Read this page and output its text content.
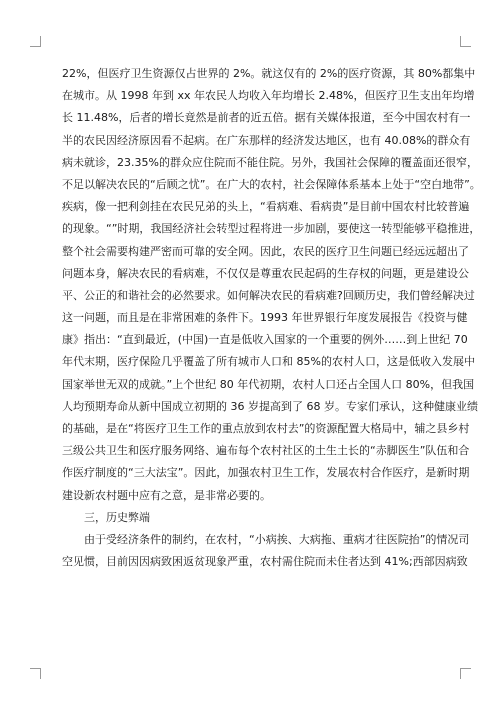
22%，但医疗卫生资源仅占世界的 2%。就这仅有的 2%的医疗资源，其 80%都集中
在城市。从 1998 年到 xx 年农民人均收入年均增长 2.48%，但医疗卫生支出年均增
长 11.48%，后者的增长竟然是前者的近五倍。据有关媒体报道，至今中国农村有一
半的农民因经济原因看不起病。在广东那样的经济发达地区，也有 40.08%的群众有
病未就诊，23.35%的群众应住院而不能住院。另外，我国社会保障的覆盖面还很窄，
不足以解决农民的“后顾之忧”。在广大的农村，社会保障体系基本上处于“空白地带”。
疾病，像一把利剑挂在农民兄弟的头上，“看病难、看病贵”是目前中国农村比较普遍
的现象。“”时期，我国经济社会转型过程将进一步加剧，要使这一转型能够平稳推进，
整个社会需要构建严密而可靠的安全网。因此，农民的医疗卫生问题已经远远超出了
问题本身，解决农民的看病难，不仅仅是尊重农民起码的生存权的问题，更是建设公
平、公正的和谐社会的必然要求。如何解决农民的看病难?回顾历史，我们曾经解决过
这一问题，而且是在非常困难的条件下。1993 年世界银行年度发展报告《投资与健
康》指出：“直到最近，(中国)一直是低收入国家的一个重要的例外……到上世纪 70
年代末期，医疗保险几乎覆盖了所有城市人口和 85%的农村人口，这是低收入发展中
国家举世无双的成就。”上个世纪 80 年代初期，农村人口还占全国人口 80%，但我国
人均预期寿命从新中国成立初期的 36 岁提高到了 68 岁。专家们承认，这种健康业绩
的基础，是在“将医疗卫生工作的重点放到农村去”的资源配置大格局中，辅之县乡村
三级公共卫生和医疗服务网络、遍布每个农村社区的土生土长的“赤脚医生”队伍和合
作医疗制度的“三大法宝”。因此，加强农村卫生工作，发展农村合作医疗，是新时期
建设新农村题中应有之意，是非常必要的。
三，历史弊端
由于受经济条件的制约，在农村，“小病挨、大病拖、重病才往医院抬”的情况司
空见惯，目前因因病致困返贫现象严重，农村需住院而未住者达到 41%;西部因病致
